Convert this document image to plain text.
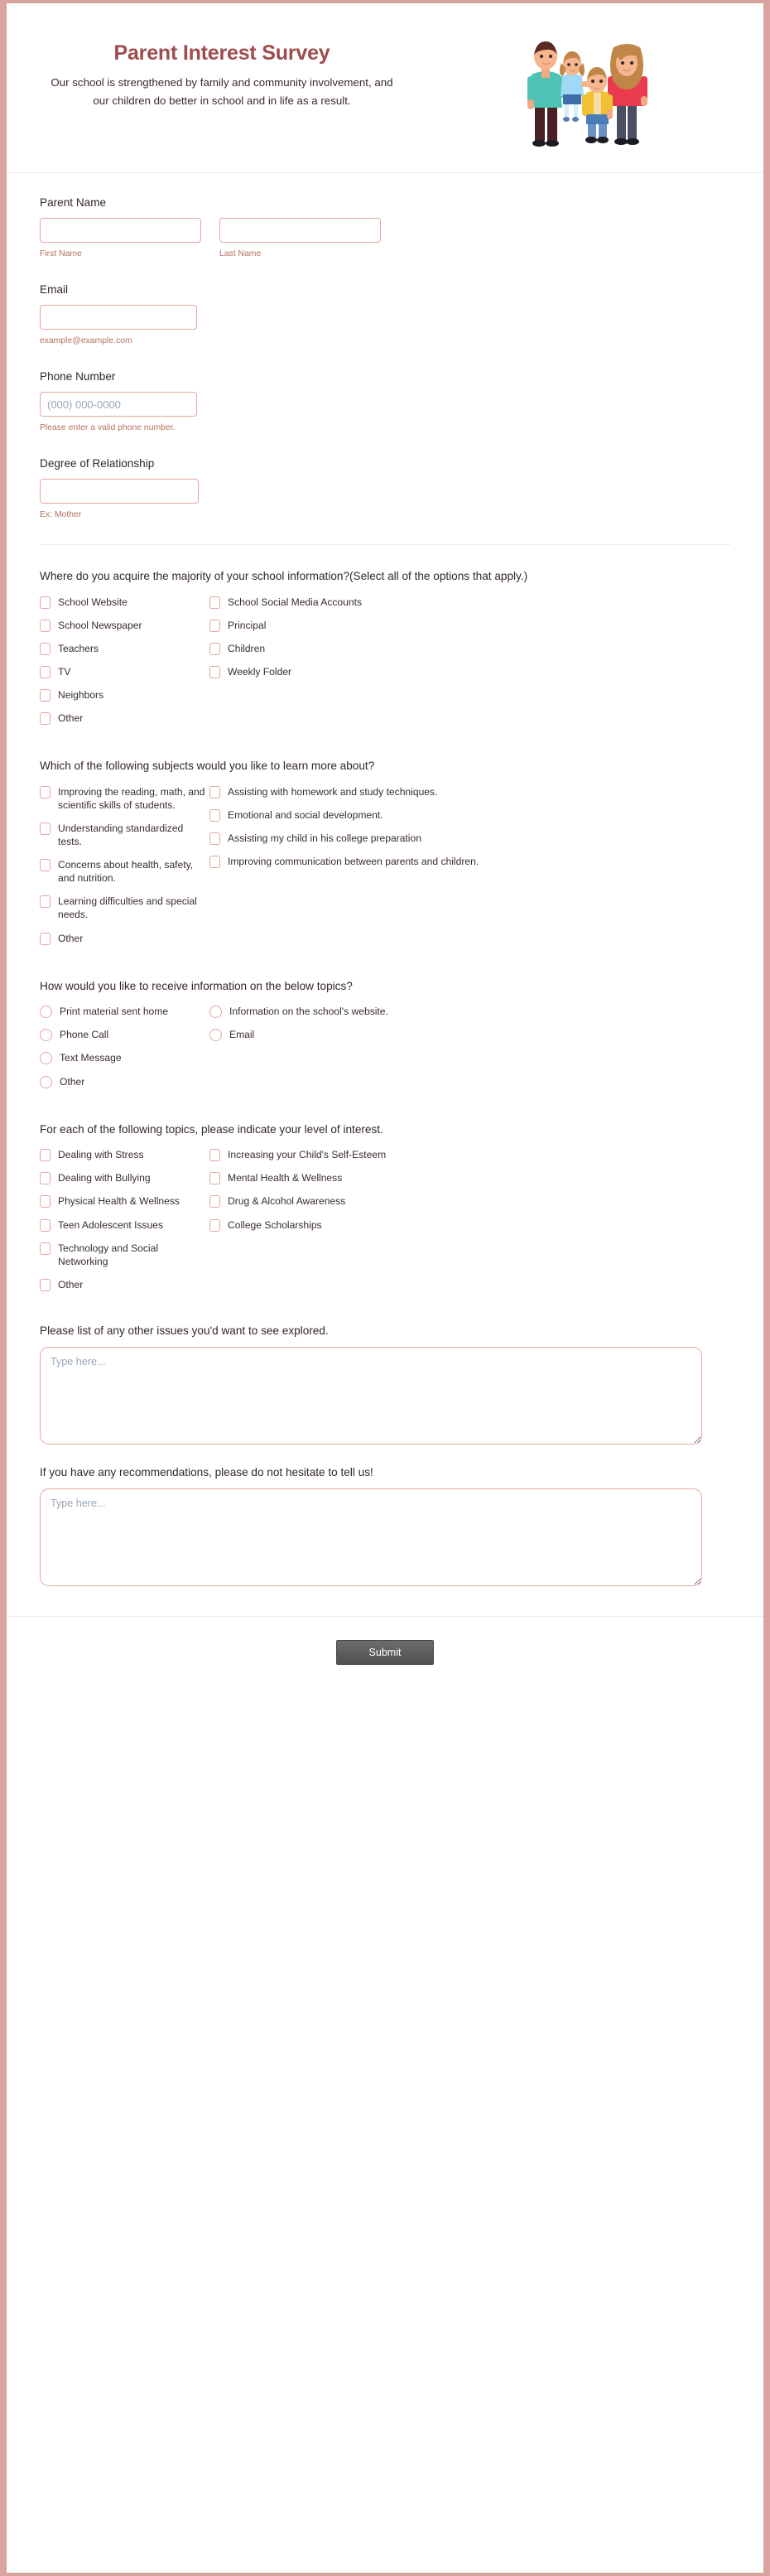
Parent Interest Survey

Our school is strengthened by family and community involvement, and our children do better in school and in life as a result.

Parent Name
First Name	Last Name
Email
example@example.com
Phone Number
(000) 000-0000
Please enter a valid phone number.
Degree of Relationship
Ex: Mother
Where do you acquire the majority of your school information?(Select all of the options that apply.)
School Website
School Newspaper
Teachers
TV
Neighbors
Other
School Social Media Accounts
Principal
Children
Weekly Folder
Which of the following subjects would you like to learn more about?
Improving the reading, math, and scientific skills of students.
Understanding standardized tests.
Concerns about health, safety, and nutrition.
Learning difficulties and special needs.
Other
Assisting with homework and study techniques.
Emotional and social development.
Assisting my child in his college preparation
Improving communication between parents and children.
How would you like to receive information on the below topics?
Print material sent home
Phone Call
Text Message
Other
Information on the school's website.
Email
For each of the following topics, please indicate your level of interest.
Dealing with Stress
Dealing with Bullying
Physical Health & Wellness
Teen Adolescent Issues
Technology and Social Networking
Other
Increasing your Child's Self-Esteem
Mental Health & Wellness
Drug & Alcohol Awareness
College Scholarships
Please list of any other issues you'd want to see explored.
Type here...
If you have any recommendations, please do not hesitate to tell us!
Type here...
Submit
